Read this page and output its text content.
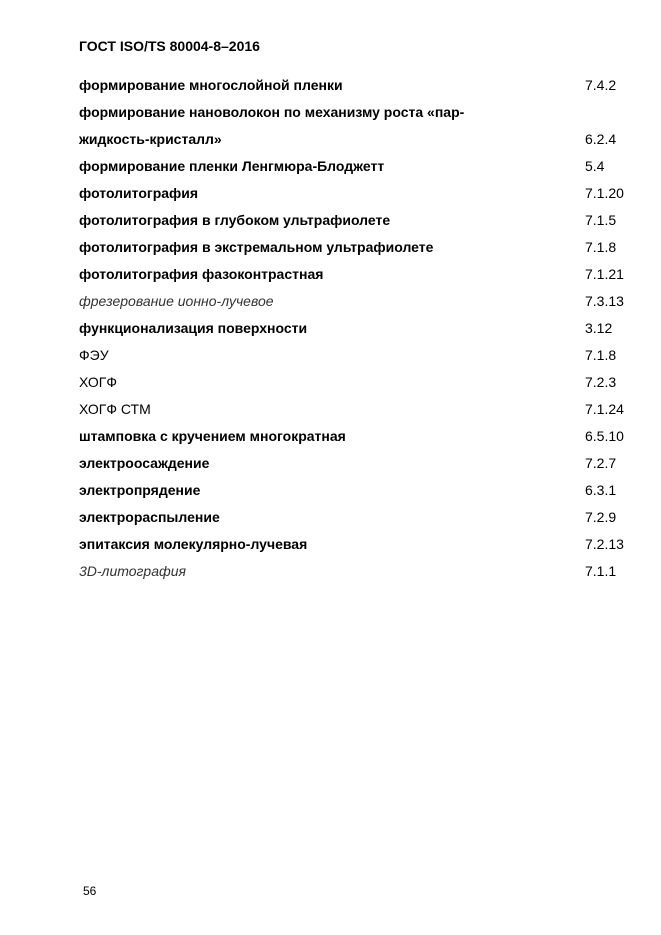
ГОСТ ISO/TS 80004-8–2016
формирование многослойной пленки	7.4.2
формирование нановолокон по механизму роста «пар-
жидкость-кристалл»	6.2.4
формирование пленки Ленгмюра-Блоджетт	5.4
фотолитография	7.1.20
фотолитография в глубоком ультрафиолете	7.1.5
фотолитография в экстремальном ультрафиолете	7.1.8
фотолитография фазоконтрастная	7.1.21
фрезерование ионно-лучевое	7.3.13
функционализация поверхности	3.12
ФЭУ	7.1.8
ХОГФ	7.2.3
ХОГФ СТМ	7.1.24
штамповка с кручением многократная	6.5.10
электроосаждение	7.2.7
электропрядение	6.3.1
электрораспыление	7.2.9
эпитаксия молекулярно-лучевая	7.2.13
3D-литография	7.1.1
56
